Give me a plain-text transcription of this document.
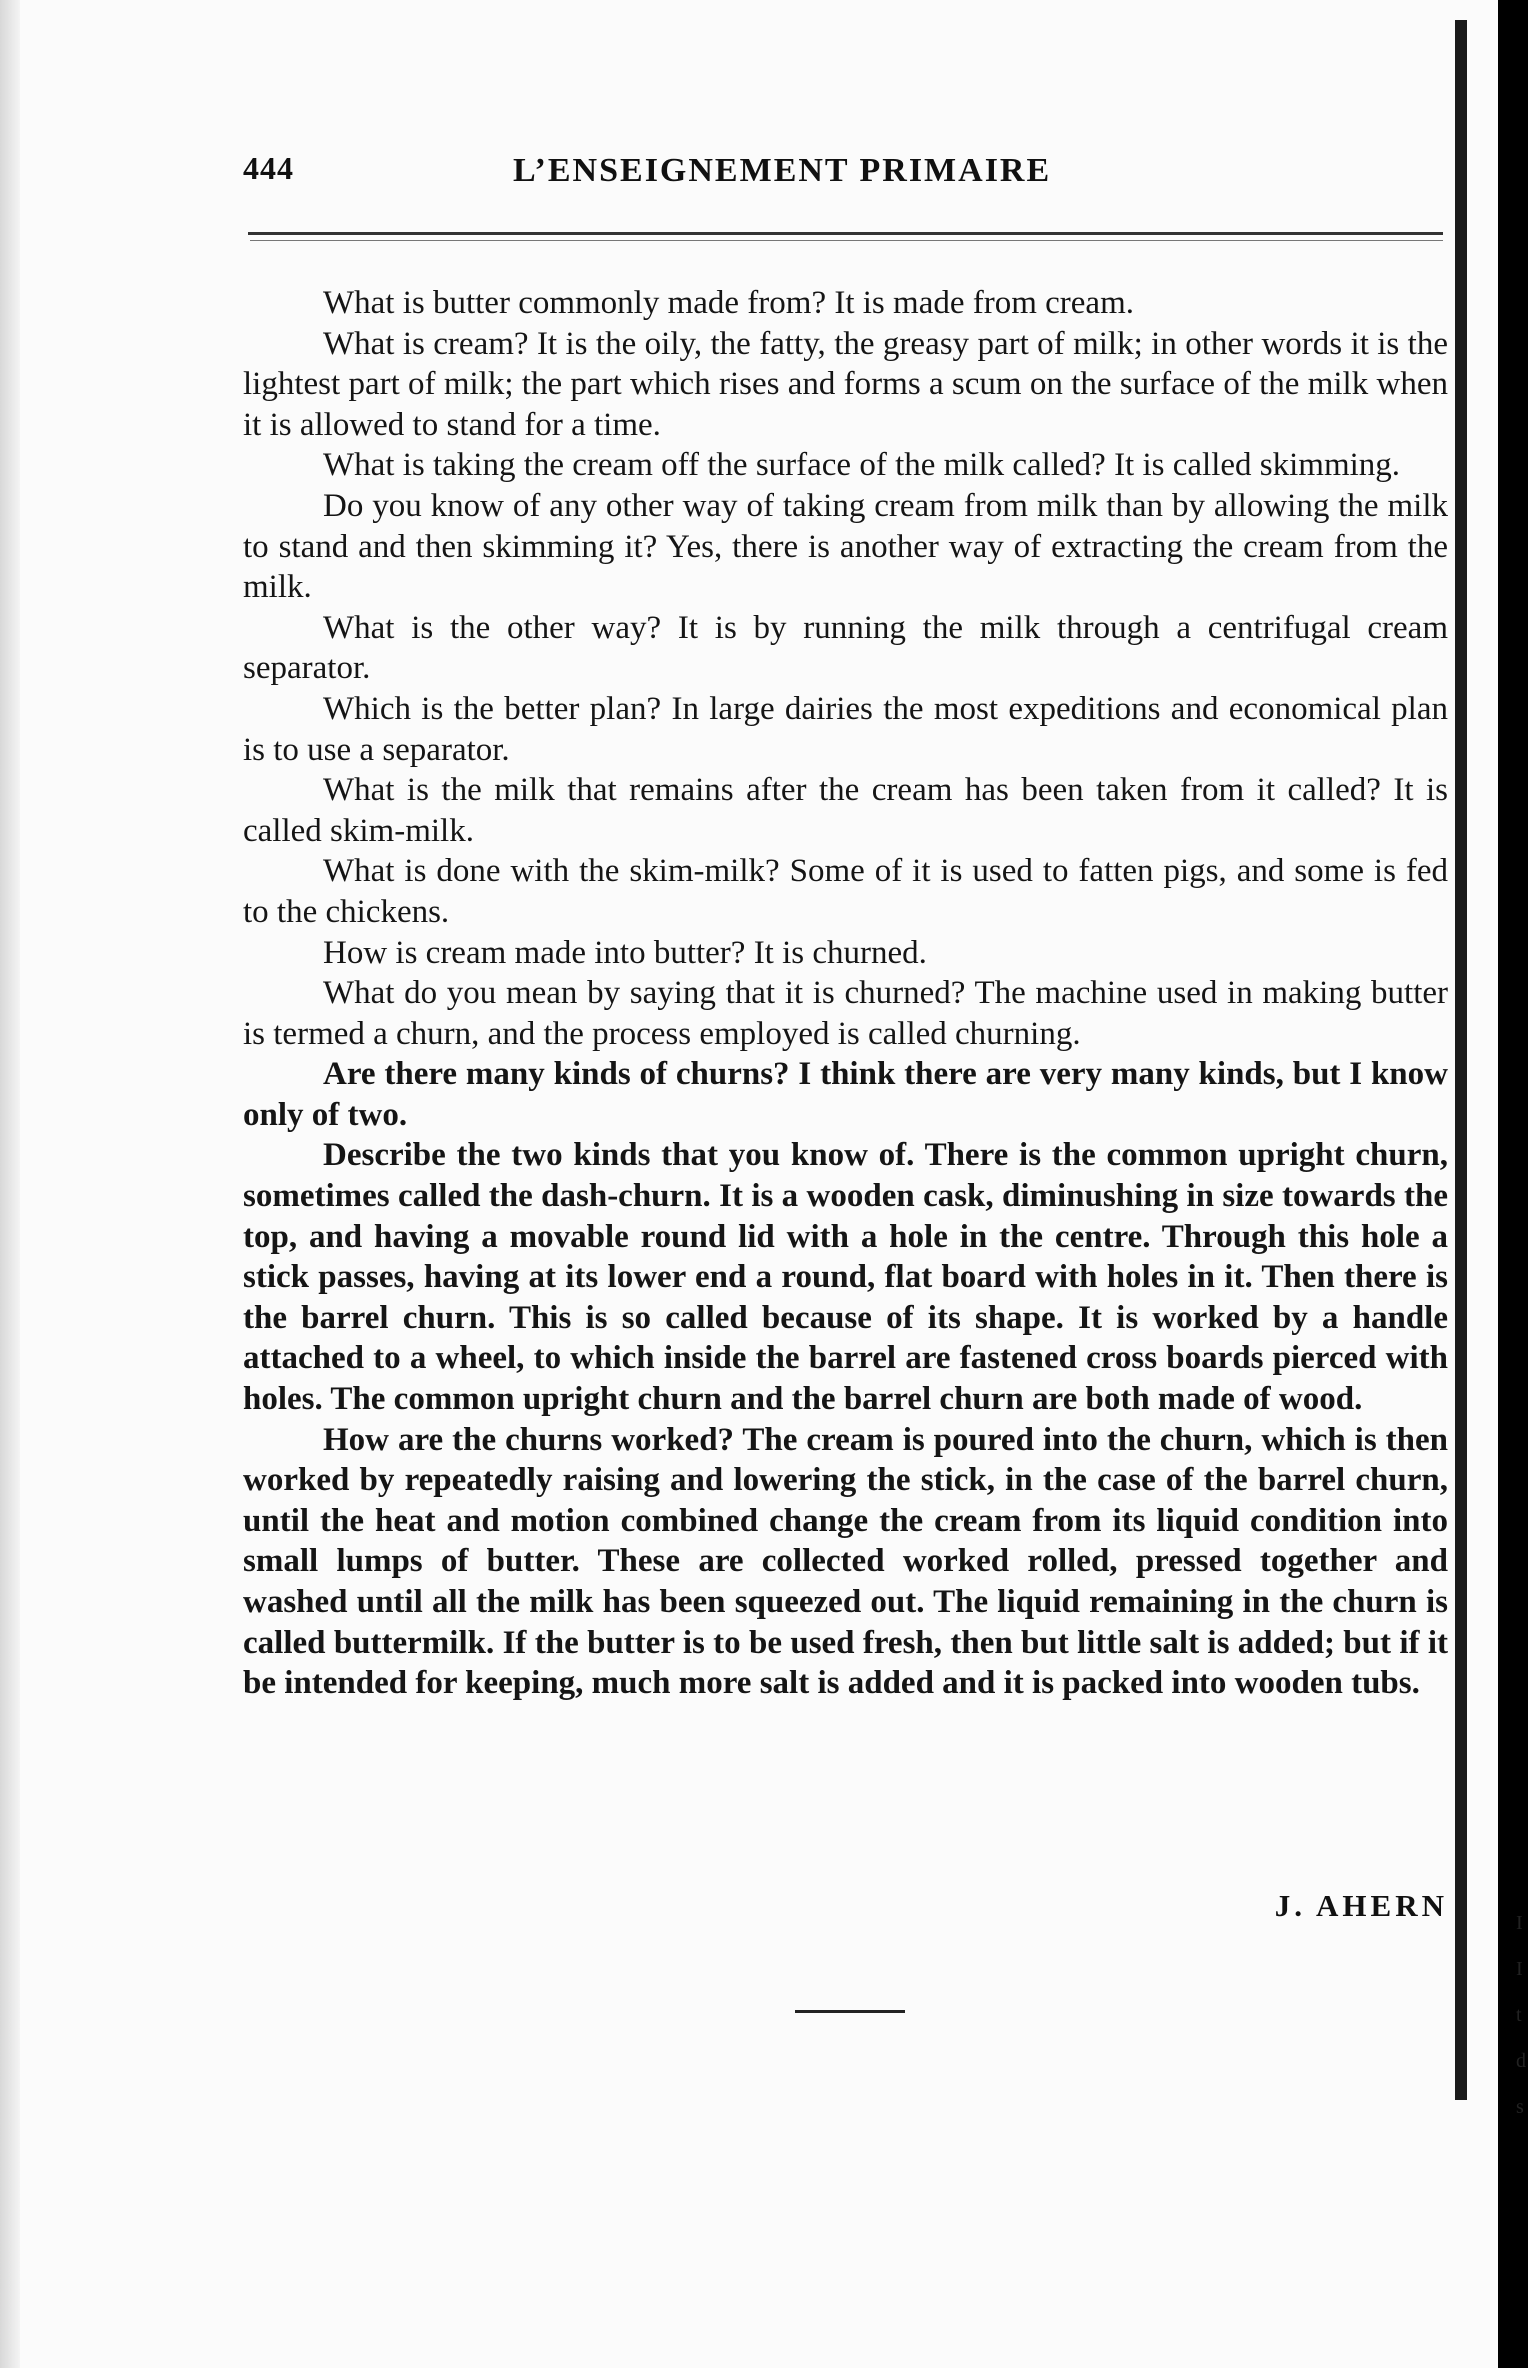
I
I
t
d
s
444	L’ENSEIGNEMENT PRIMAIRE

What is butter commonly made from? It is made from cream.

What is cream? It is the oily, the fatty, the greasy part of milk; in other words it is the lightest part of milk; the part which rises and forms a scum on the surface of the milk when it is allowed to stand for a time.

What is taking the cream off the surface of the milk called? It is called skimming.

Do you know of any other way of taking cream from milk than by allowing the milk to stand and then skimming it? Yes, there is another way of extracting the cream from the milk.

What is the other way? It is by running the milk through a centrifugal cream separator.

Which is the better plan? In large dairies the most expeditions and economical plan is to use a separator.

What is the milk that remains after the cream has been taken from it called? It is called skim-milk.

What is done with the skim-milk? Some of it is used to fatten pigs, and some is fed to the chickens.

How is cream made into butter? It is churned.

What do you mean by saying that it is churned? The machine used in making butter is termed a churn, and the process employed is called churning.

Are there many kinds of churns? I think there are very many kinds, but I know only of two.

Describe the two kinds that you know of. There is the common upright churn, sometimes called the dash-churn. It is a wooden cask, diminushing in size towards the top, and having a movable round lid with a hole in the centre. Through this hole a stick passes, having at its lower end a round, flat board with holes in it. Then there is the barrel churn. This is so called because of its shape. It is worked by a handle attached to a wheel, to which inside the barrel are fastened cross boards pierced with holes. The common upright churn and the barrel churn are both made of wood.

How are the churns worked? The cream is poured into the churn, which is then worked by repeatedly raising and lowering the stick, in the case of the barrel churn, until the heat and motion combined change the cream from its liquid condition into small lumps of butter. These are collected worked rolled, pressed together and washed until all the milk has been squeezed out. The liquid remaining in the churn is called buttermilk. If the butter is to be used fresh, then but little salt is added; but if it be intended for keeping, much more salt is added and it is packed into wooden tubs.

J. AHERN
